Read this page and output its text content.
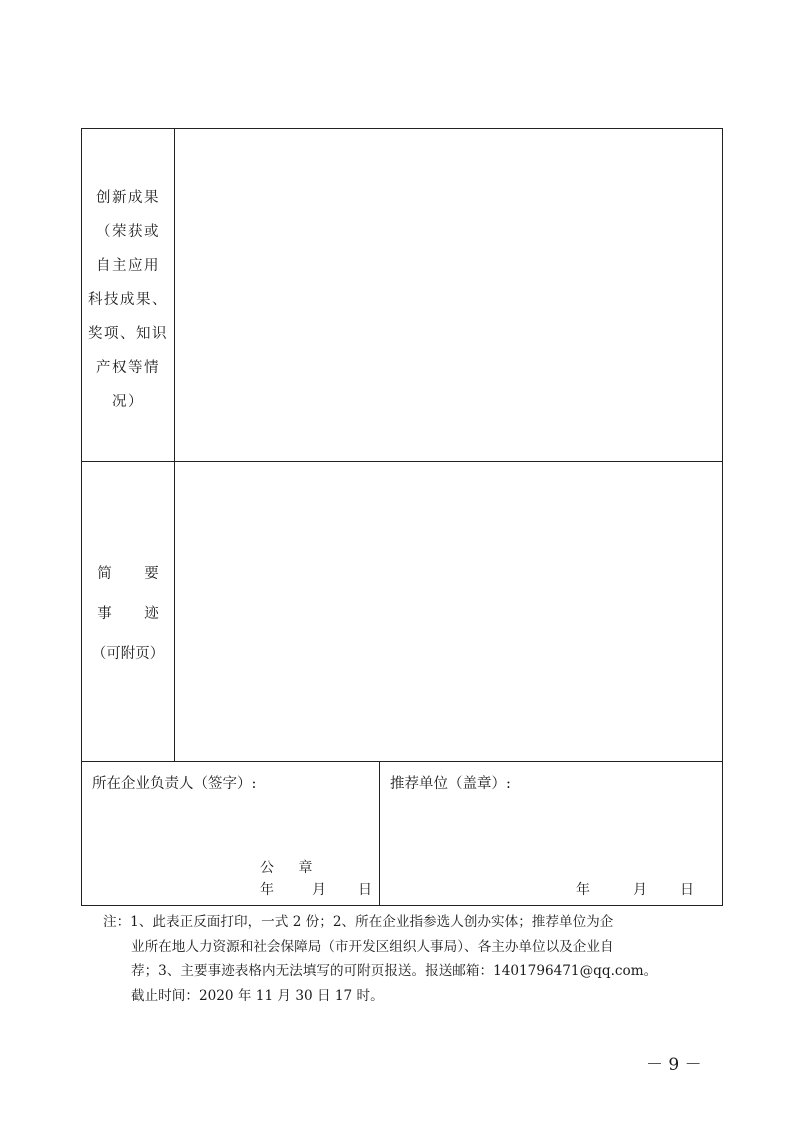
创新成果
（荣获或
自主应用
科技成果、
奖项、知识
产权等情
况）
简 要
事 迹
（可附页）
所在企业负责人（签字）:
公 章
年	月 日
推荐单位（盖章）:
年	月 日
注：1、此表正反面打印，一式 2 份；2、所在企业指参选人创办实体；推荐单位为企
业所在地人力资源和社会保障局（市开发区组织人事局）、各主办单位以及企业自
荐；3、主要事迹表格内无法填写的可附页报送。报送邮箱：1401796471@qq.com。
截止时间：2020 年 11 月 30 日 17 时。
－ 9 －
